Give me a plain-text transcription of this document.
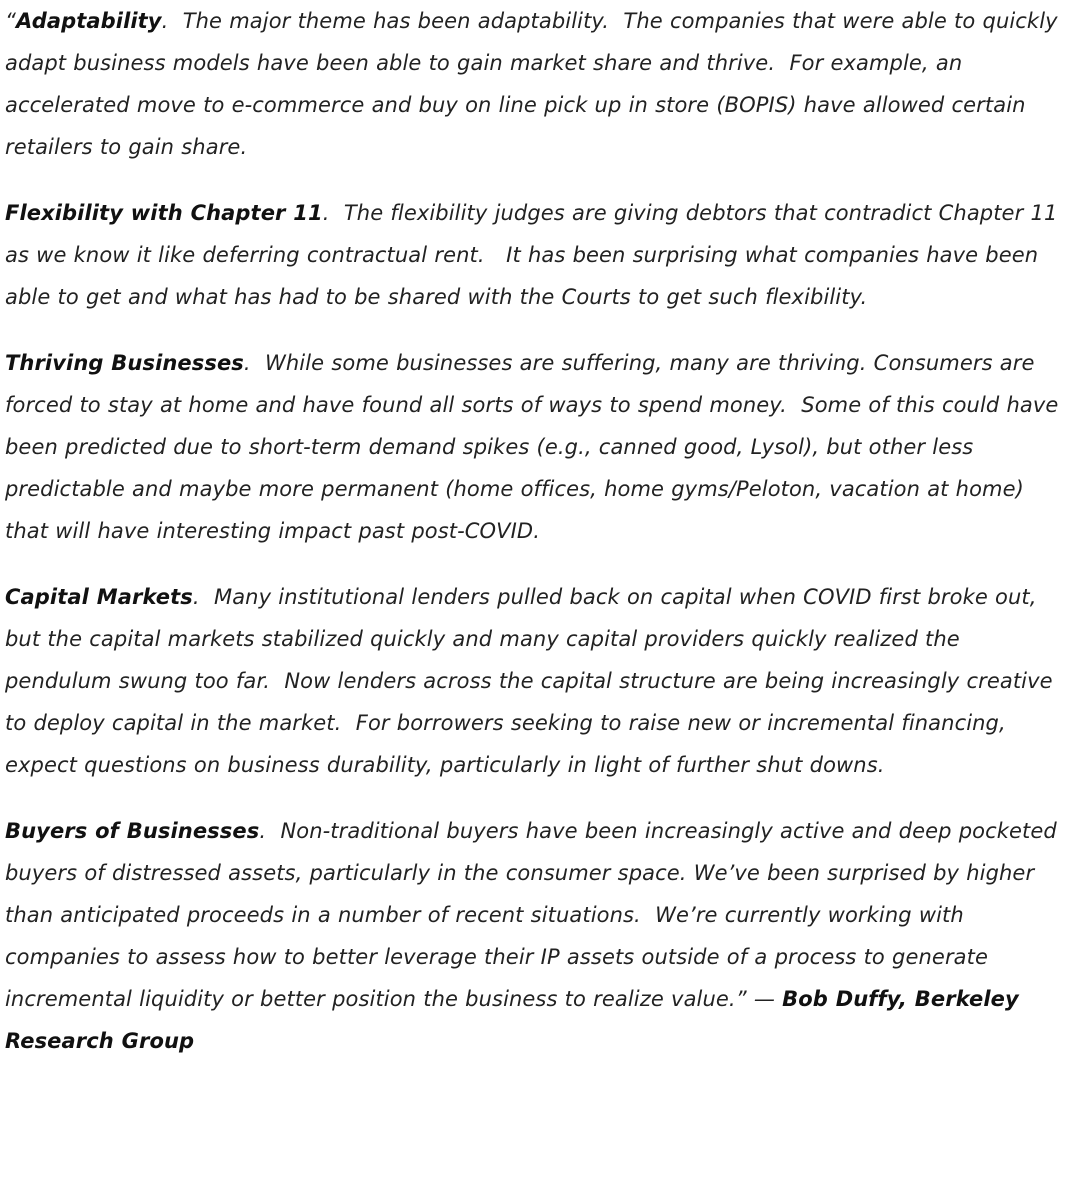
“Adaptability.  The major theme has been adaptability.  The companies that were able to quickly adapt business models have been able to gain market share and thrive.  For example, an accelerated move to e-commerce and buy on line pick up in store (BOPIS) have allowed certain retailers to gain share.

Flexibility with Chapter 11.  The flexibility judges are giving debtors that contradict Chapter 11 as we know it like deferring contractual rent.   It has been surprising what companies have been able to get and what has had to be shared with the Courts to get such flexibility.

Thriving Businesses.  While some businesses are suffering, many are thriving. Consumers are forced to stay at home and have found all sorts of ways to spend money.  Some of this could have been predicted due to short-term demand spikes (e.g., canned good, Lysol), but other less predictable and maybe more permanent (home offices, home gyms/Peloton, vacation at home) that will have interesting impact past post-COVID.

Capital Markets.  Many institutional lenders pulled back on capital when COVID first broke out, but the capital markets stabilized quickly and many capital providers quickly realized the pendulum swung too far.  Now lenders across the capital structure are being increasingly creative to deploy capital in the market.  For borrowers seeking to raise new or incremental financing, expect questions on business durability, particularly in light of further shut downs.

Buyers of Businesses.  Non-traditional buyers have been increasingly active and deep pocketed buyers of distressed assets, particularly in the consumer space. We’ve been surprised by higher than anticipated proceeds in a number of recent situations.  We’re currently working with companies to assess how to better leverage their IP assets outside of a process to generate incremental liquidity or better position the business to realize value.” — Bob Duffy, Berkeley Research Group
